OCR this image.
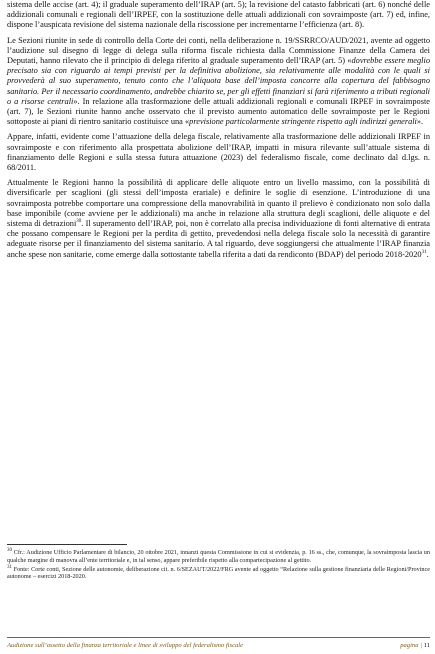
sistema delle accise (art. 4); il graduale superamento dell’IRAP (art. 5); la revisione del catasto fabbricati (art. 6) nonché delle addizionali comunali e regionali dell’IRPEF, con la sostituzione delle attuali addizionali con sovraimposte (art. 7) ed, infine, dispone l’auspicata revisione del sistema nazionale della riscossione per incrementarne l’efficienza (art. 8).

Le Sezioni riunite in sede di controllo della Corte dei conti, nella deliberazione n. 19/SSRRCO/AUD/2021, avente ad oggetto l’audizione sul disegno di legge di delega sulla riforma fiscale richiesta dalla Commissione Finanze della Camera dei Deputati, hanno rilevato che il principio di delega riferito al graduale superamento dell’IRAP (art. 5) «dovrebbe essere meglio precisato sia con riguardo ai tempi previsti per la definitiva abolizione, sia relativamente alle modalità con le quali si provvederà al suo superamento, tenuto conto che l’aliquota base dell’imposta concorre alla copertura del fabbisogno sanitario. Per il necessario coordinamento, andrebbe chiarito se, per gli effetti finanziari si farà riferimento a tributi regionali o a risorse centrali». In relazione alla trasformazione delle attuali addizionali regionali e comunali IRPEF in sovraimposte (art. 7), le Sezioni riunite hanno anche osservato che il previsto aumento automatico delle sovraimposte per le Regioni sottoposte ai piani di rientro sanitario costituisce una «previsione particolarmente stringente rispetto agli indirizzi generali».

Appare, infatti, evidente come l’attuazione della delega fiscale, relativamente alla trasformazione delle addizionali IRPEF in sovraimposte e con riferimento alla prospettata abolizione dell’IRAP, impatti in misura rilevante sull’attuale sistema di finanziamento delle Regioni e sulla stessa futura attuazione (2023) del federalismo fiscale, come declinato dal d.lgs. n. 68/2011.

Attualmente le Regioni hanno la possibilità di applicare delle aliquote entro un livello massimo, con la possibilità di diversificarle per scaglioni (gli stessi dell’imposta erariale) e definire le soglie di esenzione. L’introduzione di una sovraimposta potrebbe comportare una compressione della manovrabilità in quanto il prelievo è condizionato non solo dalla base imponibile (come avviene per le addizionali) ma anche in relazione alla struttura degli scaglioni, delle aliquote e del sistema di detrazioni$^{30}$. Il superamento dell’IRAP, poi, non è correlato alla precisa individuazione di fonti alternative di entrata che possano compensare le Regioni per la perdita di gettito, prevedendosi nella delega fiscale solo la necessità di garantire adeguate risorse per il finanziamento del sistema sanitario. A tal riguardo, deve soggiungersi che attualmente l’IRAP finanzia anche spese non sanitarie, come emerge dalla sottostante tabella riferita a dati da rendiconto (BDAP) del periodo 2018-2020$^{31}$.

$^{30}$ Cfr.: Audizione Ufficio Parlamentare di bilancio, 20 ottobre 2021, innanzi questa Commissione in cui si evidenzia, p. 16 ss., che, comunque, la sovraimposta lascia un qualche margine di manovra all’ente territoriale e, in tal senso, appare preferibile rispetto alla compartecipazione al gettito.

$^{31}$ Fonte: Corte conti, Sezione delle autonomie, deliberazione cit. n. 6/SEZAUT/2022/FRG avente ad oggetto “Relazione sulla gestione finanziaria delle Regioni/Province autonome – esercizi 2018-2020.

Audizione sull’assetto della finanza territoriale e linee di sviluppo del federalismo fiscale	pagina | 11
